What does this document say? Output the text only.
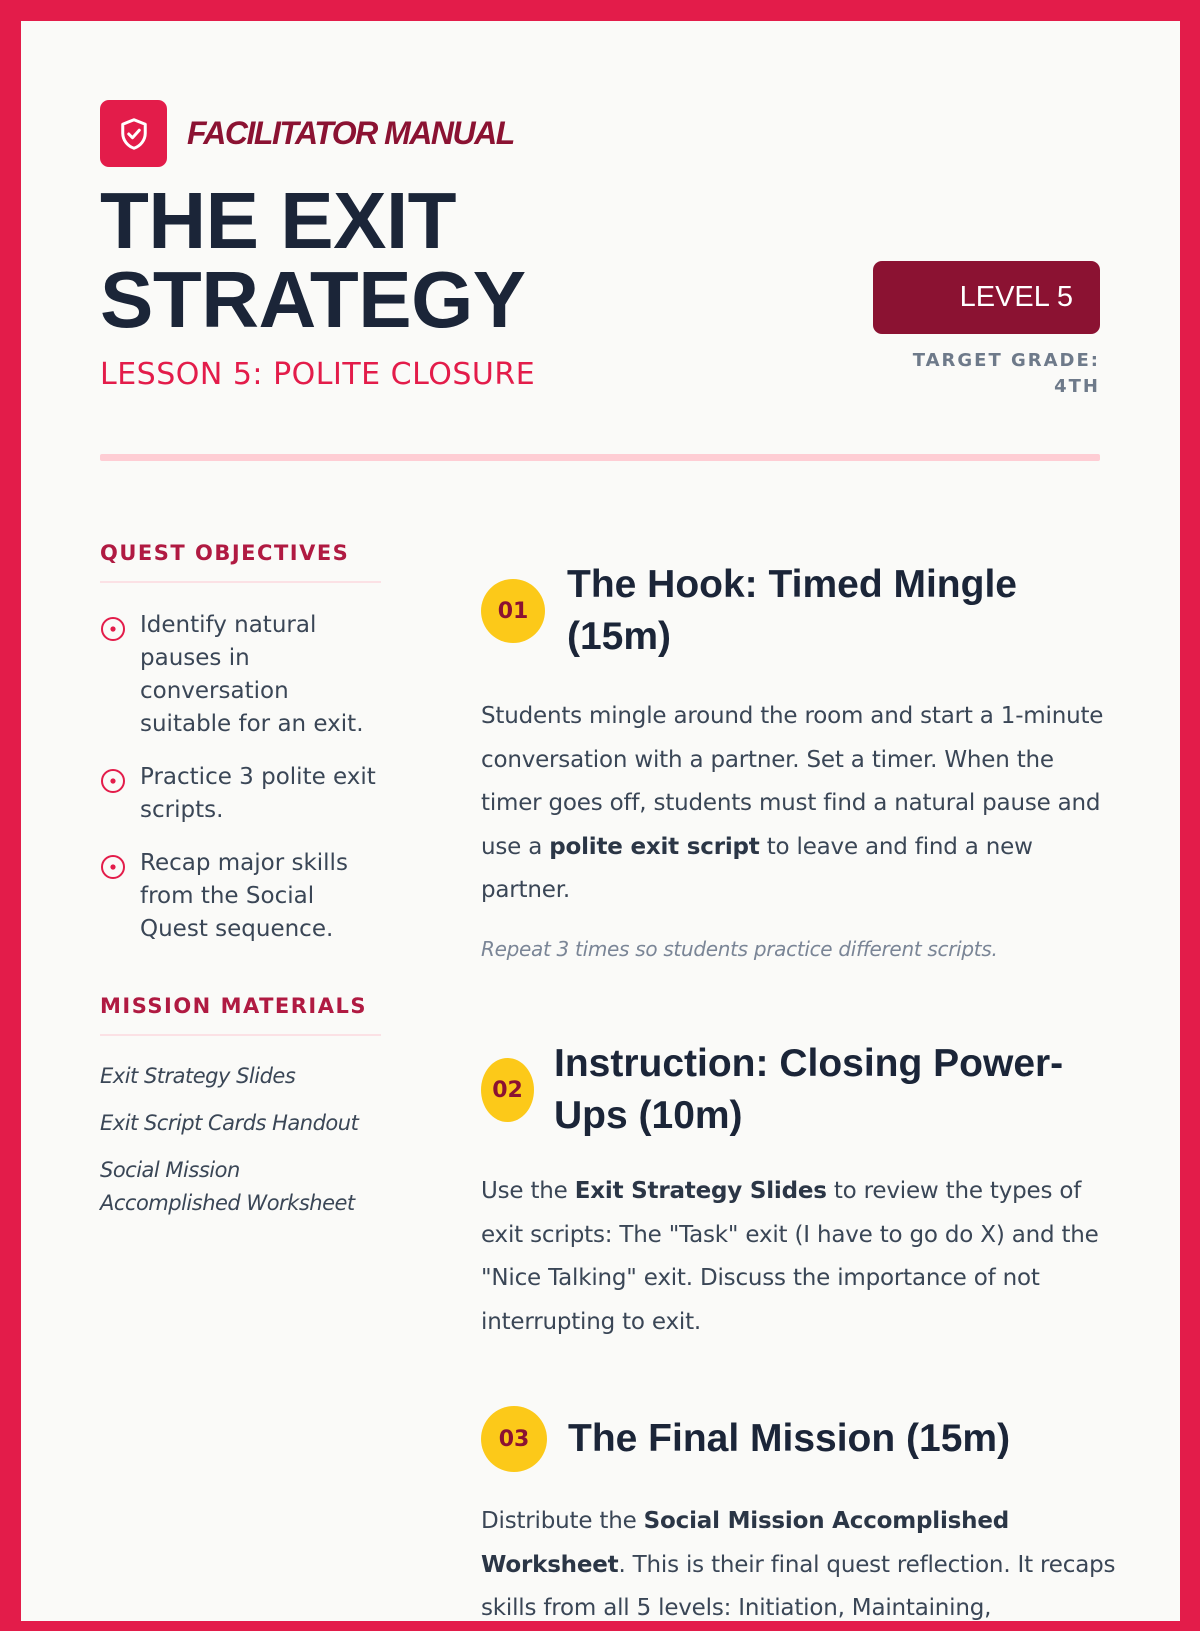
FACILITATOR MANUAL
THE EXIT
STRATEGY
LESSON 5: POLITE CLOSURE
LEVEL 5
TARGET GRADE: 4TH
QUEST OBJECTIVES
Identify natural pauses in conversation suitable for an exit.
Practice 3 polite exit scripts.
Recap major skills from the Social Quest sequence.
MISSION MATERIALS
Exit Strategy Slides
Exit Script Cards Handout
Social Mission Accomplished Worksheet
01
The Hook: Timed Mingle (15m)

Students mingle around the room and start a 1-minute conversation with a partner. Set a timer. When the timer goes off, students must find a natural pause and use a polite exit script to leave and find a new partner.

Repeat 3 times so students practice different scripts.

02
Instruction: Closing Power-Ups (10m)

Use the Exit Strategy Slides to review the types of exit scripts: The "Task" exit (I have to go do X) and the "Nice Talking" exit. Discuss the importance of not interrupting to exit.

03 The Final Mission (15m)

Distribute the Social Mission Accomplished Worksheet. This is their final quest reflection. It recaps skills from all 5 levels: Initiation, Maintaining,
